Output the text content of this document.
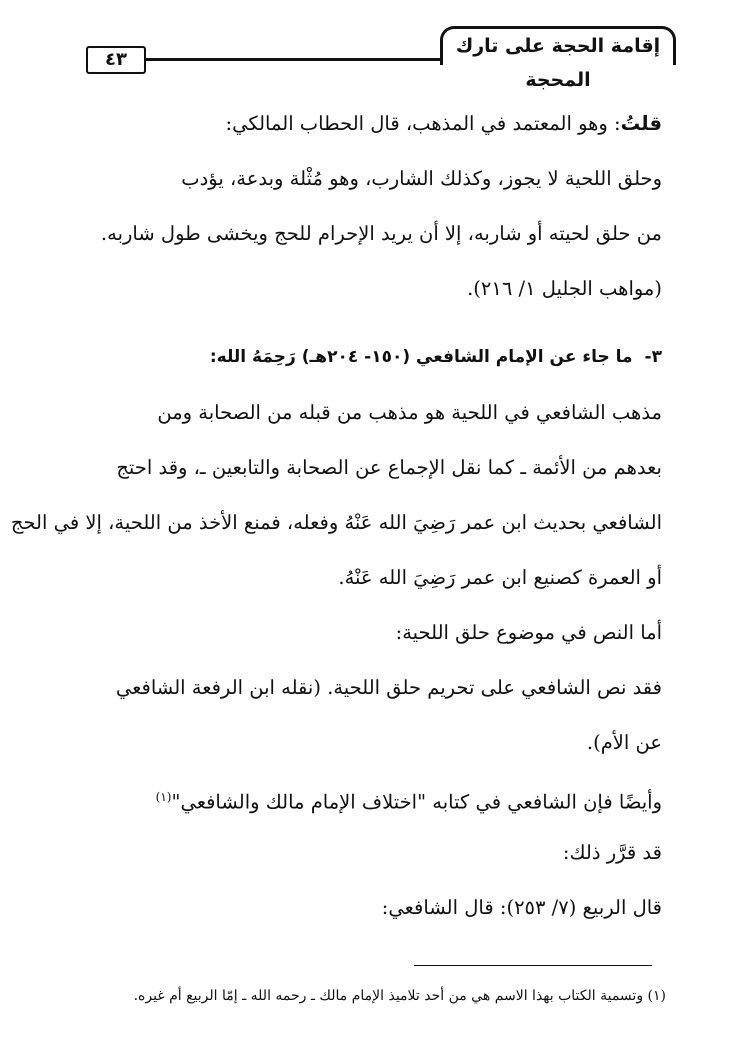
إقامة الحجة على تارك المحجة
٤٣
قلتُ: وهو المعتمد في المذهب، قال الحطاب المالكي:
وحلق اللحية لا يجوز، وكذلك الشارب، وهو مُثْلة وبدعة، يؤدب
من حلق لحيته أو شاربه، إلا أن يريد الإحرام للحج ويخشى طول شاربه.
(مواهب الجليل ١/ ٢١٦).
٣-ما جاء عن الإمام الشافعي (١٥٠- ٢٠٤هـ) رَحِمَهُ الله:
مذهب الشافعي في اللحية هو مذهب من قبله من الصحابة ومن
بعدهم من الأئمة ـ كما نقل الإجماع عن الصحابة والتابعين ـ، وقد احتج
الشافعي بحديث ابن عمر رَضِيَ الله عَنْهُ وفعله، فمنع الأخذ من اللحية، إلا في الحج
أو العمرة كصنيع ابن عمر رَضِيَ الله عَنْهُ.
أما النص في موضوع حلق اللحية:
فقد نص الشافعي على تحريم حلق اللحية. (نقله ابن الرفعة الشافعي
عن الأم).
وأيضًا فإن الشافعي في كتابه "اختلاف الإمام مالك والشافعي"$^{(١)}$
قد قرَّر ذلك:
قال الربيع (٧/ ٢٥٣): قال الشافعي:
(١) وتسمية الكتاب بهذا الاسم هي من أحد تلاميذ الإمام مالك ـ رحمه الله ـ إمّا الربيع أم غيره.
